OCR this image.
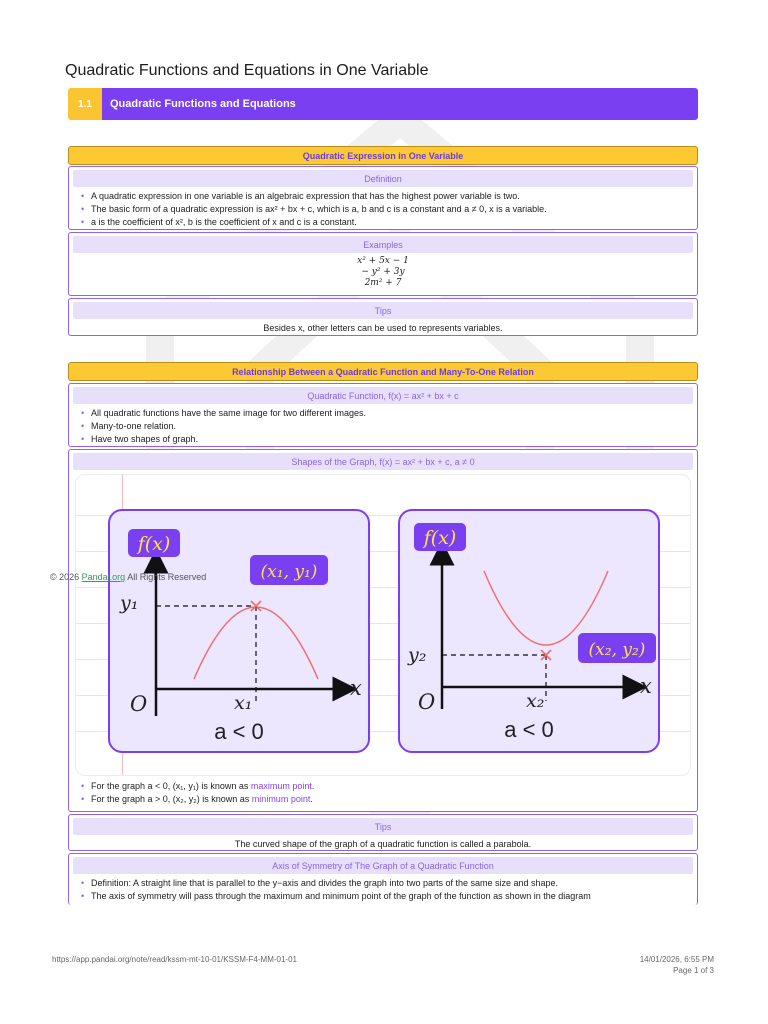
Quadratic Functions and Equations in One Variable
1.1	Quadratic Functions and Equations
Quadratic Expression in One Variable
Definition
• A quadratic expression in one variable is an algebraic expression that has the highest power variable is two.
• The basic form of a quadratic expression is ax² + bx + c, which is a, b and c is a constant and a ≠ 0, x is a variable.
• a is the coefficient of x², b is the coefficient of x and c is a constant.
Examples
x² + 5x − 1
− y² + 3y
2m² + 7
Tips
Besides x, other letters can be used to represents variables.
Relationship Between a Quadratic Function and Many-To-One Relation
Quadratic Function, f(x) = ax² + bx + c
• All quadratic functions have the same image for two different images.
• Many-to-one relation.
• Have two shapes of graph.
Shapes of the Graph, f(x) = ax² + bx + c, a ≠ 0
f(x)
(x₁, y₁)
y₁
x₁
O
x
a < 0
f(x)
(x₂, y₂)
y₂
x₂
O
x
a < 0
• For the graph a < 0, (x₁, y₁) is known as maximum point.
• For the graph a > 0, (x₂, y₂) is known as minimum point.
Tips
The curved shape of the graph of a quadratic function is called a parabola.
Axis of Symmetry of The Graph of a Quadratic Function
• Definition: A straight line that is parallel to the y−axis and divides the graph into two parts of the same size and shape.
• The axis of symmetry will pass through the maximum and minimum point of the graph of the function as shown in the diagram
© 2026 Pandai.org All Rights Reserved
https://app.pandai.org/note/read/kssm-mt-10-01/KSSM-F4-MM-01-01	14/01/2026, 6:55 PM
Page 1 of 3
